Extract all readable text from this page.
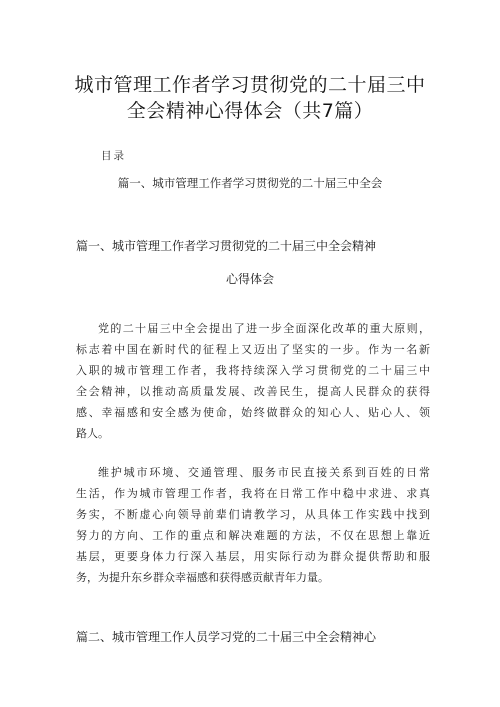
城市管理工作者学习贯彻党的二十届三中
全会精神心得体会（共7篇）
目录
篇一、城市管理工作者学习贯彻党的二十届三中全会
篇一、城市管理工作者学习贯彻党的二十届三中全会精神
心得体会
党的二十届三中全会提出了进一步全面深化改革的重大原则，
标志着中国在新时代的征程上又迈出了坚实的一步。作为一名新
入职的城市管理工作者，我将持续深入学习贯彻党的二十届三中
全会精神，以推动高质量发展、改善民生，提高人民群众的获得
感、幸福感和安全感为使命，始终做群众的知心人、贴心人、领
路人。
维护城市环境、交通管理、服务市民直接关系到百姓的日常
生活，作为城市管理工作者，我将在日常工作中稳中求进、求真
务实，不断虚心向领导前辈们请教学习，从具体工作实践中找到
努力的方向、工作的重点和解决难题的方法，不仅在思想上靠近
基层，更要身体力行深入基层，用实际行动为群众提供帮助和服
务，为提升东乡群众幸福感和获得感贡献青年力量。
篇二、城市管理工作人员学习党的二十届三中全会精神心
